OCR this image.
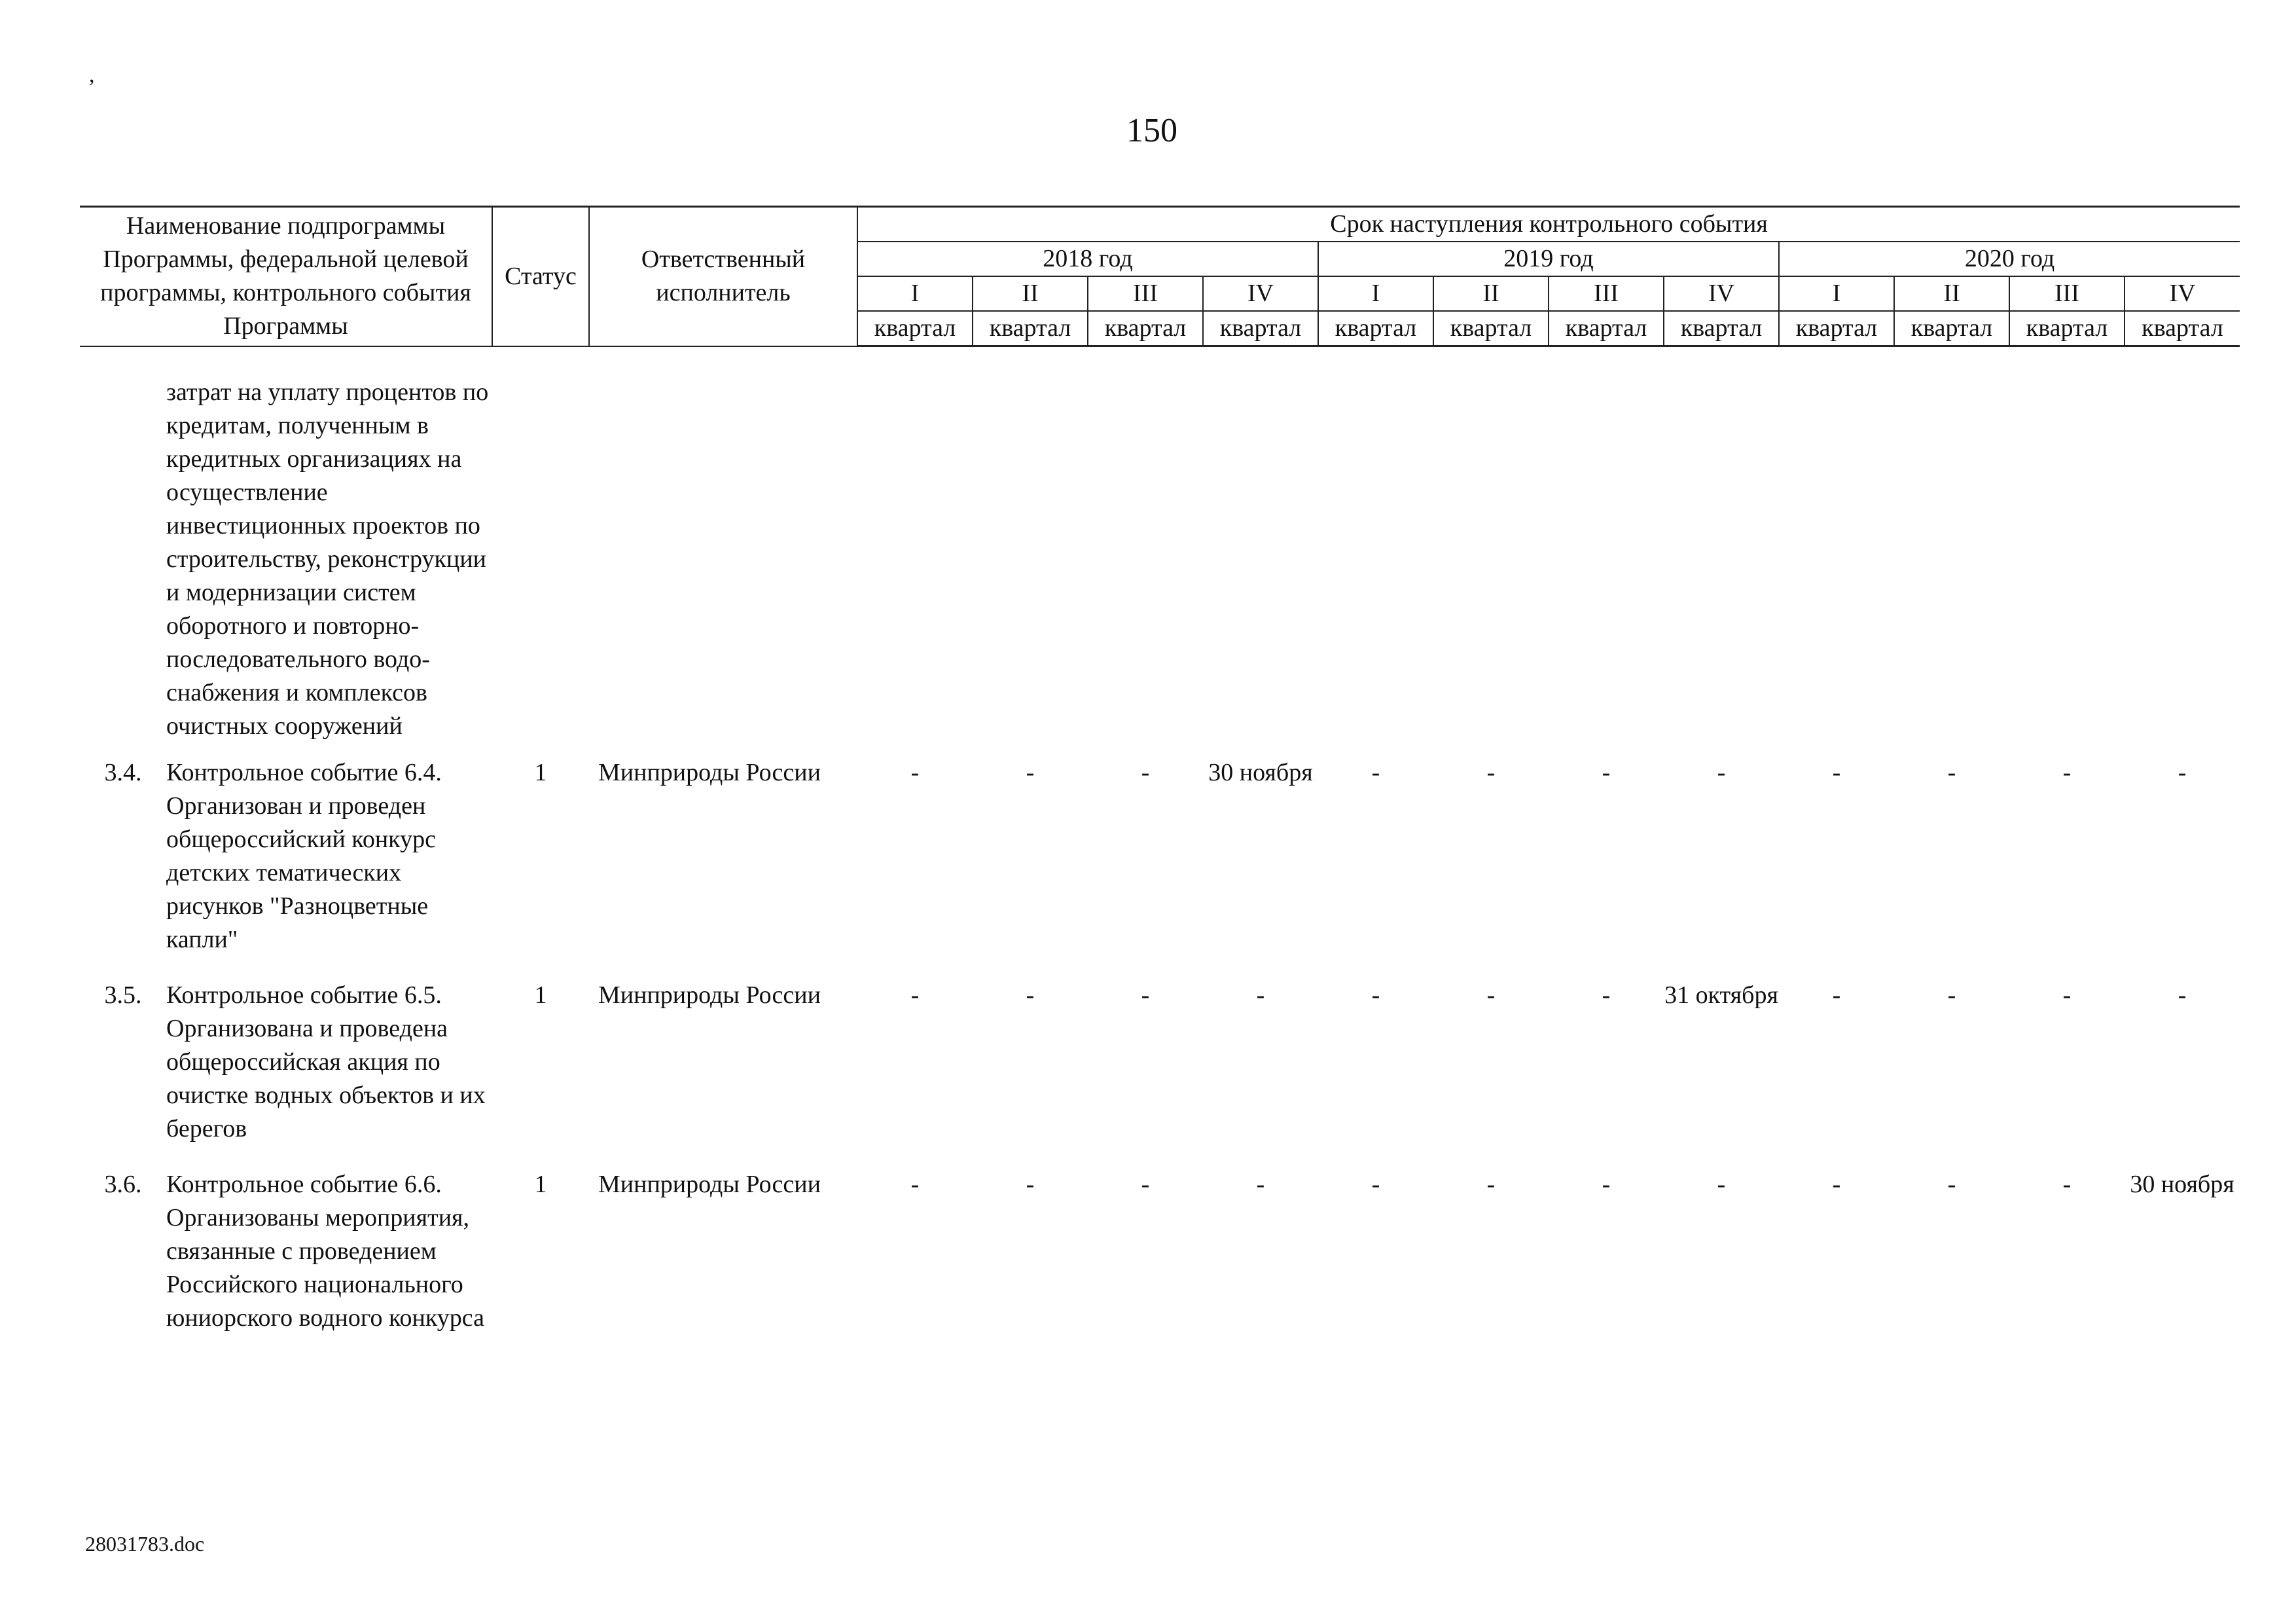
,
150
Наименование подпрограммы Программы, федеральной целевой программы, контрольного события Программы	Статус	Ответственный исполнитель	Срок наступления контрольного события											
			2018 год				2019 год				2020 год			
			I	II	III	IV	I	II	III	IV	I	II	III	IV
			квартал	квартал	квартал	квартал	квартал	квартал	квартал	квартал	квартал	квартал	квартал	квартал

затрат на уплату процентов по кредитам, полученным в кредитных организациях на осуществление инвестиционных проектов по строительству, реконструкции и модернизации систем оборотного и повторно-последовательного водо-снабжения и комплексов очистных сооружений														

3.4. Контрольное событие 6.4. Организован и проведен общероссийский конкурс детских тематических рисунков "Разноцветные капли"	1	Минприроды России	-	-	-	30 ноября	-	-	-	-	-	-	-	-

3.5. Контрольное событие 6.5. Организована и проведена общероссийская акция по очистке водных объектов и их берегов	1	Минприроды России	-	-	-	-	-	-	-	31 октября	-	-	-	-

3.6. Контрольное событие 6.6. Организованы мероприятия, связанные с проведением Российского национального юниорского водного конкурса	1	Минприроды России	-	-	-	-	-	-	-	-	-	-	-	30 ноября
28031783.doc
